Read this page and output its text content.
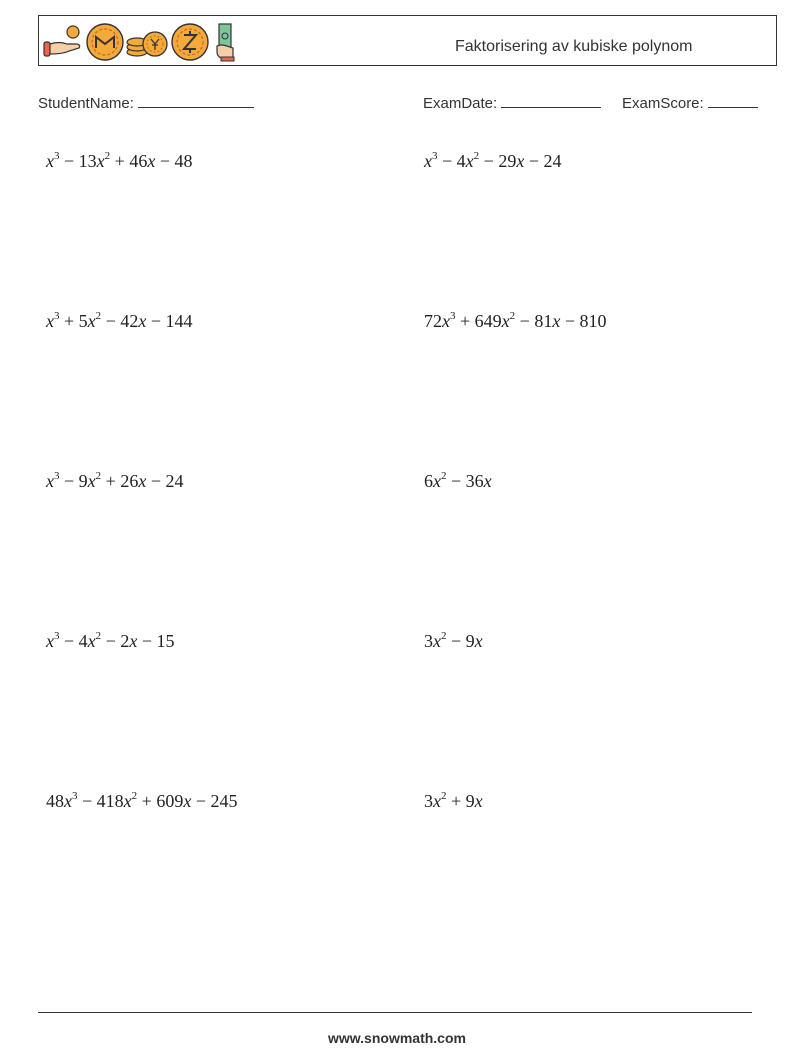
Faktorisering av kubiske polynom
StudentName:	ExamDate:	ExamScore:
$x^3 - 13x^2 + 46x - 48$	$x^3 - 4x^2 - 29x - 24$
$x^3 + 5x^2 - 42x - 144$	$72x^3 + 649x^2 - 81x - 810$
$x^3 - 9x^2 + 26x - 24$	$6x^2 - 36x$
$x^3 - 4x^2 - 2x - 15$	$3x^2 - 9x$
$48x^3 - 418x^2 + 609x - 245$	$3x^2 + 9x$
www.snowmath.com
